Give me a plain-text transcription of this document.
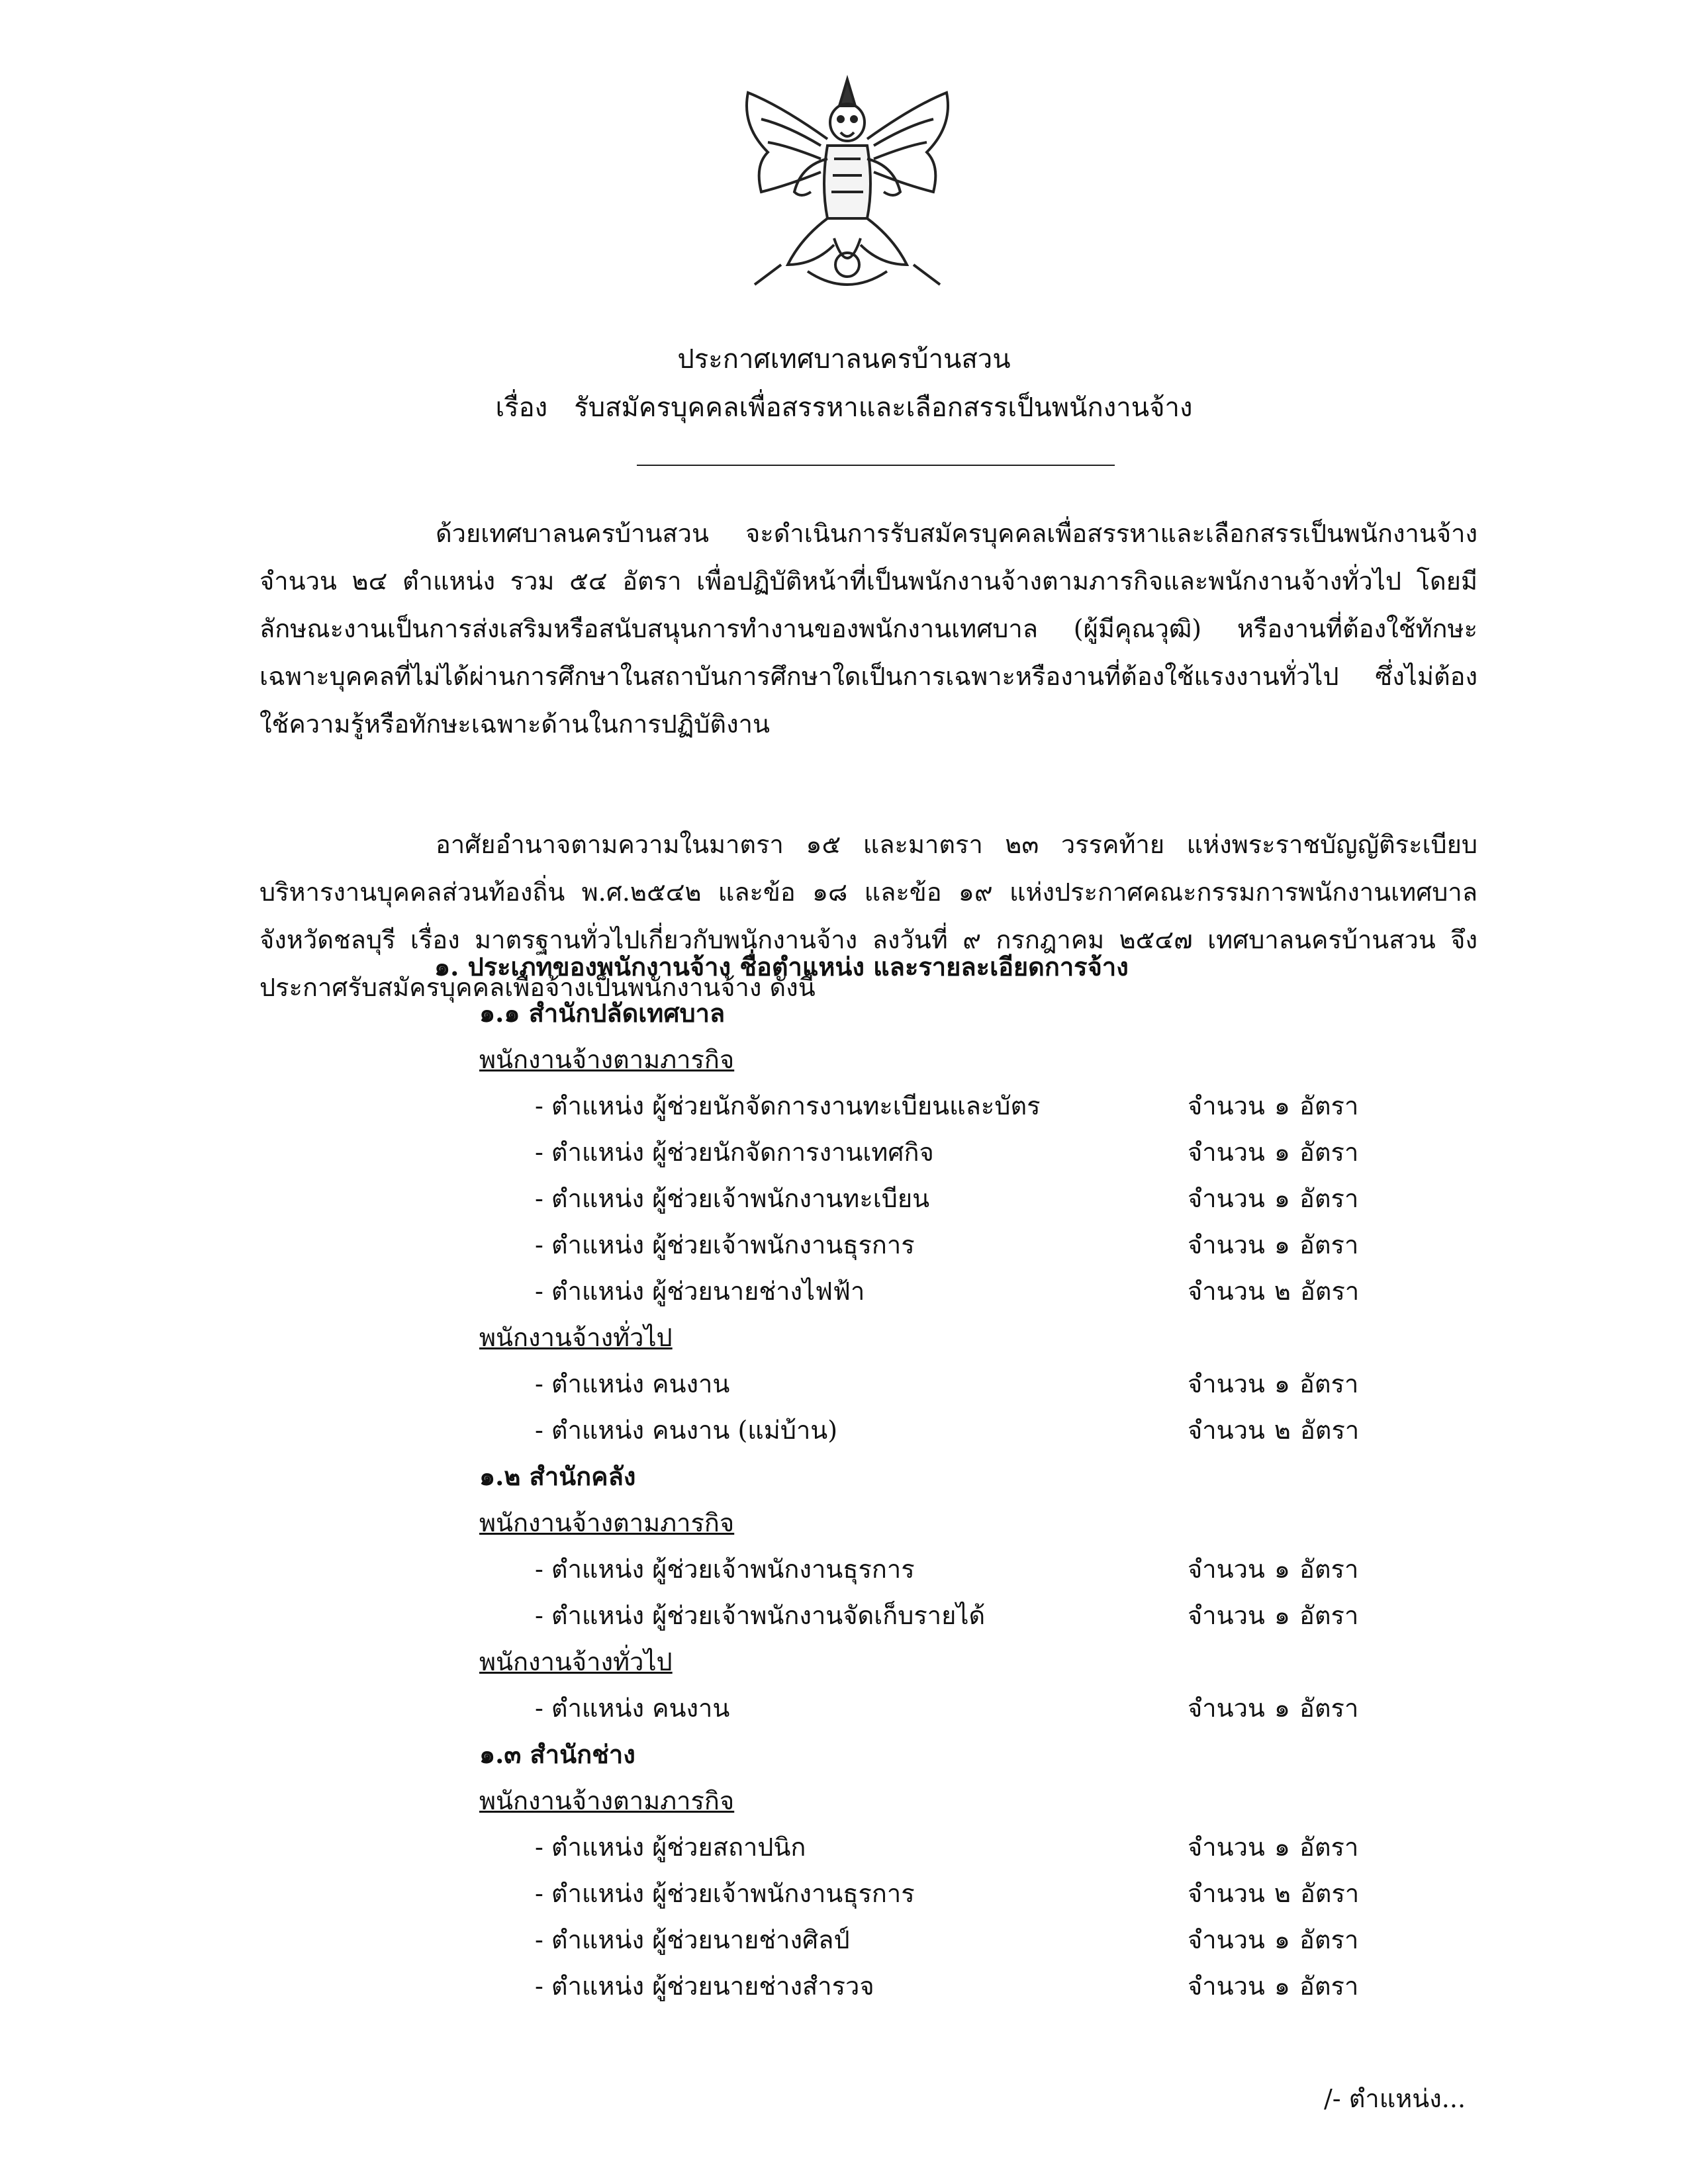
ประกาศเทศบาลนครบ้านสวน
เรื่อง รับสมัครบุคคลเพื่อสรรหาและเลือกสรรเป็นพนักงานจ้าง
ด้วยเทศบาลนครบ้านสวน จะดำเนินการรับสมัครบุคคลเพื่อสรรหาและเลือกสรรเป็นพนักงานจ้าง จำนวน ๒๔ ตำแหน่ง รวม ๕๔ อัตรา เพื่อปฏิบัติหน้าที่เป็นพนักงานจ้างตามภารกิจและพนักงานจ้างทั่วไป โดยมีลักษณะงานเป็นการส่งเสริมหรือสนับสนุนการทำงานของพนักงานเทศบาล (ผู้มีคุณวุฒิ) หรืองานที่ต้องใช้ทักษะเฉพาะบุคคลที่ไม่ได้ผ่านการศึกษาในสถาบันการศึกษาใดเป็นการเฉพาะหรืองานที่ต้องใช้แรงงานทั่วไป ซึ่งไม่ต้องใช้ความรู้หรือทักษะเฉพาะด้านในการปฏิบัติงาน
อาศัยอำนาจตามความในมาตรา ๑๕ และมาตรา ๒๓ วรรคท้าย แห่งพระราชบัญญัติระเบียบบริหารงานบุคคลส่วนท้องถิ่น พ.ศ.๒๕๔๒ และข้อ ๑๘ และข้อ ๑๙ แห่งประกาศคณะกรรมการพนักงานเทศบาลจังหวัดชลบุรี เรื่อง มาตรฐานทั่วไปเกี่ยวกับพนักงานจ้าง ลงวันที่ ๙ กรกฎาคม ๒๕๔๗ เทศบาลนครบ้านสวน จึงประกาศรับสมัครบุคคลเพื่อจ้างเป็นพนักงานจ้าง ดังนี้
๑. ประเภทของพนักงานจ้าง ชื่อตำแหน่ง และรายละเอียดการจ้าง
๑.๑ สำนักปลัดเทศบาล
พนักงานจ้างตามภารกิจ
- ตำแหน่ง ผู้ช่วยนักจัดการงานทะเบียนและบัตร	จำนวน ๑ อัตรา
- ตำแหน่ง ผู้ช่วยนักจัดการงานเทศกิจ	จำนวน ๑ อัตรา
- ตำแหน่ง ผู้ช่วยเจ้าพนักงานทะเบียน	จำนวน ๑ อัตรา
- ตำแหน่ง ผู้ช่วยเจ้าพนักงานธุรการ	จำนวน ๑ อัตรา
- ตำแหน่ง ผู้ช่วยนายช่างไฟฟ้า	จำนวน ๒ อัตรา
พนักงานจ้างทั่วไป
- ตำแหน่ง คนงาน	จำนวน ๑ อัตรา
- ตำแหน่ง คนงาน (แม่บ้าน)	จำนวน ๒ อัตรา
๑.๒ สำนักคลัง
พนักงานจ้างตามภารกิจ
- ตำแหน่ง ผู้ช่วยเจ้าพนักงานธุรการ	จำนวน ๑ อัตรา
- ตำแหน่ง ผู้ช่วยเจ้าพนักงานจัดเก็บรายได้	จำนวน ๑ อัตรา
พนักงานจ้างทั่วไป
- ตำแหน่ง คนงาน	จำนวน ๑ อัตรา
๑.๓ สำนักช่าง
พนักงานจ้างตามภารกิจ
- ตำแหน่ง ผู้ช่วยสถาปนิก	จำนวน ๑ อัตรา
- ตำแหน่ง ผู้ช่วยเจ้าพนักงานธุรการ	จำนวน ๒ อัตรา
- ตำแหน่ง ผู้ช่วยนายช่างศิลป์	จำนวน ๑ อัตรา
- ตำแหน่ง ผู้ช่วยนายช่างสำรวจ	จำนวน ๑ อัตรา
/- ตำแหน่ง...
